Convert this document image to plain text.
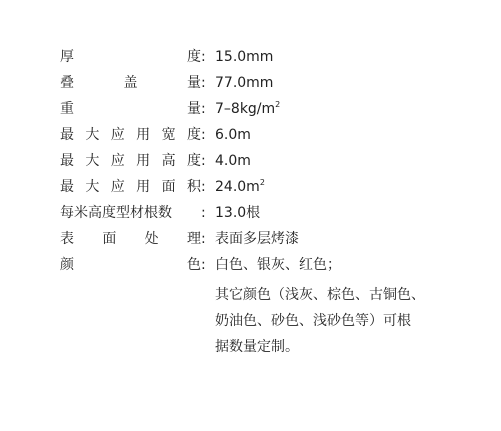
厚	度 : 15.0mm
叠	盖	量 : 77.0mm
重	量 : $7-8kg/m^2$
最 大 应 用 宽 度 : 6.0m
最 大 应 用 高 度 : 4.0m
最 大 应 用 面 积 : $24.0m^2$
每米高度型材根数 : 13.0根
表 面 处 理 : 表面多层烤漆
颜	色 : 白色、银灰、红色；
其它颜色（浅灰、棕色、古铜色、
奶油色、砂色、浅砂色等）可根
据数量定制。
